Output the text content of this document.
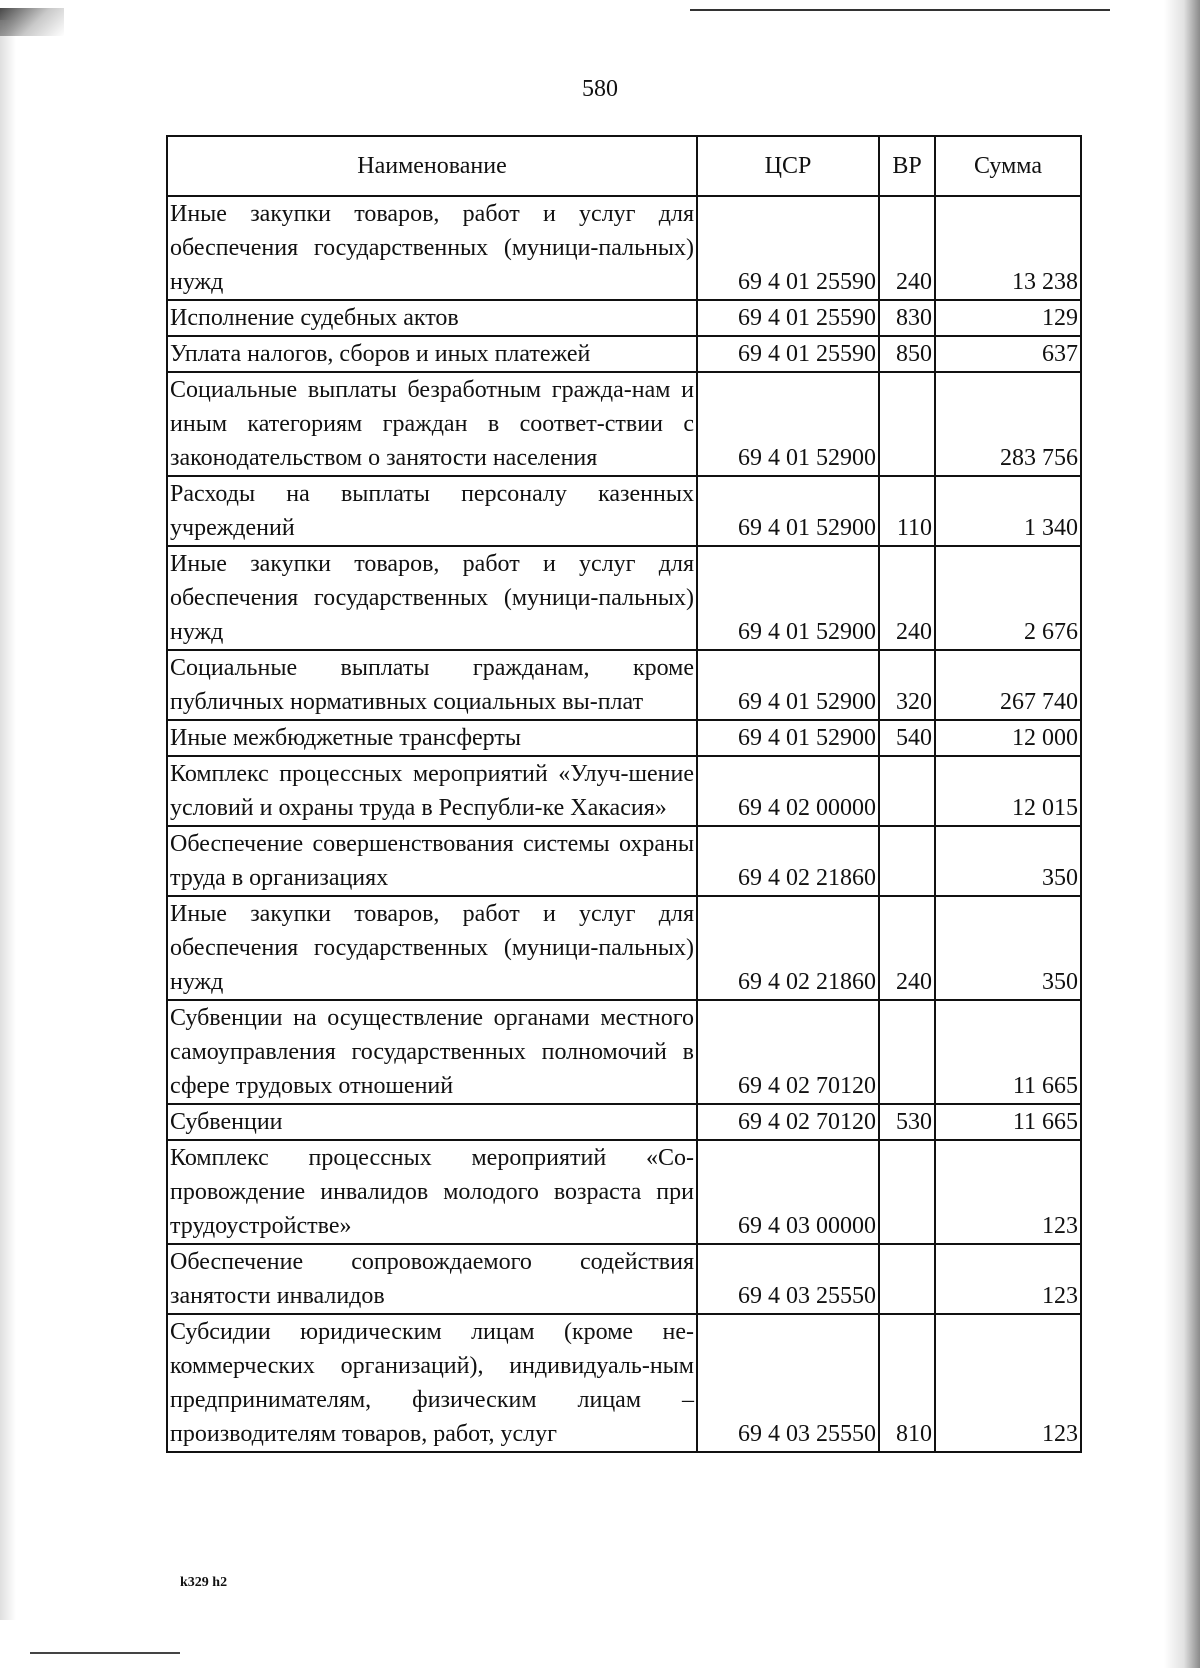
580
Наименование	ЦСР	ВР	Сумма
Иные закупки товаров, работ и услуг для обеспечения государственных (муници-пальных) нужд	69 4 01 25590	240	13 238
Исполнение судебных актов	69 4 01 25590	830	129
Уплата налогов, сборов и иных платежей	69 4 01 25590	850	637
Социальные выплаты безработным гражда-нам и иным категориям граждан в соответ-ствии с законодательством о занятости населения	69 4 01 52900		283 756
Расходы на выплаты персоналу казенных учреждений	69 4 01 52900	110	1 340
Иные закупки товаров, работ и услуг для обеспечения государственных (муници-пальных) нужд	69 4 01 52900	240	2 676
Социальные выплаты гражданам, кроме публичных нормативных социальных вы-плат	69 4 01 52900	320	267 740
Иные межбюджетные трансферты	69 4 01 52900	540	12 000
Комплекс процессных мероприятий «Улуч-шение условий и охраны труда в Республи-ке Хакасия»	69 4 02 00000		12 015
Обеспечение совершенствования системы охраны труда в организациях	69 4 02 21860		350
Иные закупки товаров, работ и услуг для обеспечения государственных (муници-пальных) нужд	69 4 02 21860	240	350
Субвенции на осуществление органами местного самоуправления государственных полномочий в сфере трудовых отношений	69 4 02 70120		11 665
Субвенции	69 4 02 70120	530	11 665
Комплекс процессных мероприятий «Со-провождение инвалидов молодого возраста при трудоустройстве»	69 4 03 00000		123
Обеспечение сопровождаемого содействия занятости инвалидов	69 4 03 25550		123
Субсидии юридическим лицам (кроме не-коммерческих организаций), индивидуаль-ным предпринимателям, физическим лицам – производителям товаров, работ, услуг	69 4 03 25550	810	123
k329 h2
